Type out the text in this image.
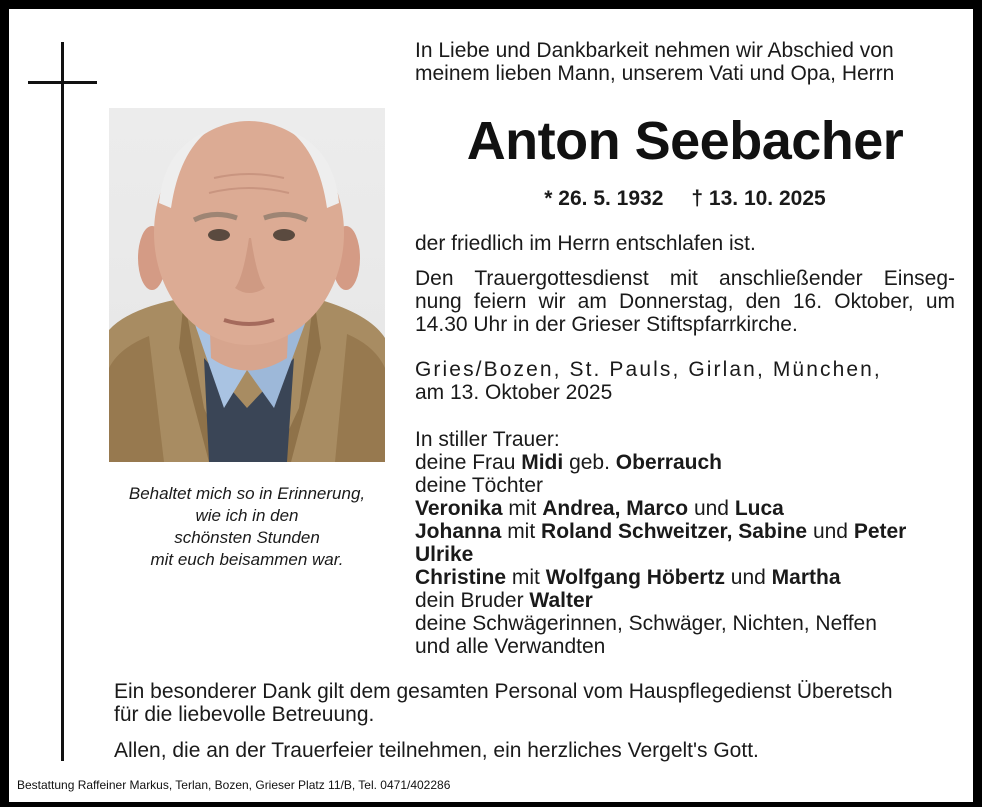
Behaltet mich so in Erinnerung,
wie ich in den
schönsten Stunden
mit euch beisammen war.
In Liebe und Dankbarkeit nehmen wir Abschied von
meinem lieben Mann, unserem Vati und Opa, Herrn
Anton Seebacher
* 26. 5. 1932 † 13. 10. 2025
der friedlich im Herrn entschlafen ist.
Den Trauergottesdienst mit anschließender Einseg-
nung feiern wir am Donnerstag, den 16. Oktober, um
14.30 Uhr in der Grieser Stiftspfarrkirche.
Gries/Bozen, St. Pauls, Girlan, München,
am 13. Oktober 2025
In stiller Trauer:
deine Frau Midi geb. Oberrauch
deine Töchter
Veronika mit Andrea, Marco und Luca
Johanna mit Roland Schweitzer, Sabine und Peter
Ulrike
Christine mit Wolfgang Höbertz und Martha
dein Bruder Walter
deine Schwägerinnen, Schwäger, Nichten, Neffen
und alle Verwandten
Ein besonderer Dank gilt dem gesamten Personal vom Hauspflegedienst Überetsch
für die liebevolle Betreuung.
Allen, die an der Trauerfeier teilnehmen, ein herzliches Vergelt's Gott.
Bestattung Raffeiner Markus, Terlan, Bozen, Grieser Platz 11/B, Tel. 0471/402286
